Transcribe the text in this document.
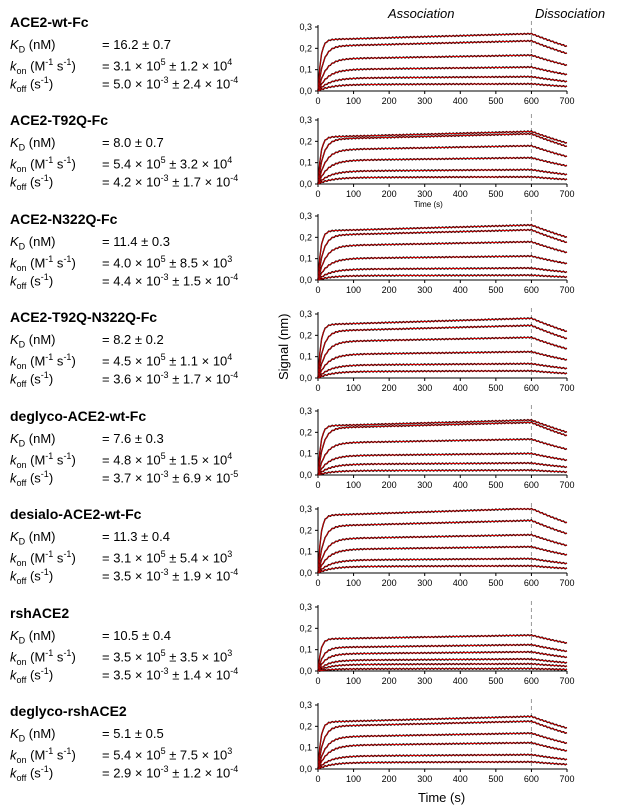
ACE2-wt-Fc
$K_D$ (nM)	= 16.2 ± 0.7
$k_{on}$ ($M^{-1}$ $s^{-1}) = 3.1 \times 10^5 \pm 1.2 \times 10^4$
$k_{off}$ $(s^{-1})$	= $5.0 \times 10^{-3} \pm 2.4 \times 10^{-4}$
ACE2-T92Q-Fc
$K_D$ (nM)	= 8.0 ± 0.7
$k_{on}$ ($M^{-1}$ $s^{-1}) = 5.4 \times 10^5 \pm 3.2 \times 10^4$
$k_{off}$ $(s^{-1})$	= $4.2 \times 10^{-3} \pm 1.7 \times 10^{-4}$
ACE2-N322Q-Fc
$K_D$ (nM)	= 11.4 ± 0.3
$k_{on}$ ($M^{-1}$ $s^{-1}) = 4.0 \times 10^5 \pm 8.5 \times 10^3$
$k_{off}$ $(s^{-1})$	= $4.4 \times 10^{-3} \pm 1.5 \times 10^{-4}$
ACE2-T92Q-N322Q-Fc
$K_D$ (nM)	= 8.2 ± 0.2
$k_{on}$ ($M^{-1}$ $s^{-1}) = 4.5 \times 10^5 \pm 1.1 \times 10^4$
$k_{off}$ $(s^{-1})$	= $3.6 \times 10^{-3} \pm 1.7 \times 10^{-4}$
deglyco-ACE2-wt-Fc
$K_D$ (nM)	= 7.6 ± 0.3
$k_{on}$ ($M^{-1}$ $s^{-1}) = 4.8 \times 10^5 \pm 1.5 \times 10^4$
$k_{off}$ $(s^{-1})$	= $3.7 \times 10^{-3} \pm 6.9 \times 10^{-5}$
desialo-ACE2-wt-Fc
$K_D$ (nM)	= 11.3 ± 0.4
$k_{on}$ ($M^{-1}$ $s^{-1}) = 3.1 \times 10^5 \pm 5.4 \times 10^3$
$k_{off}$ $(s^{-1})$	= $3.5 \times 10^{-3} \pm 1.9 \times 10^{-4}$
rshACE2
$K_D$ (nM)	= 10.5 ± 0.4
$k_{on}$ ($M^{-1}$ $s^{-1}) = 3.5 \times 10^5 \pm 3.5 \times 10^3$
$k_{off}$ $(s^{-1})$	= $3.5 \times 10^{-3} \pm 1.4 \times 10^{-4}$
deglyco-rshACE2
$K_D$ (nM)	= 5.1 ± 0.5
$k_{on}$ ($M^{-1}$ $s^{-1}) = 5.4 \times 10^5 \pm 7.5 \times 10^3$
$k_{off}$ $(s^{-1})$	= $2.9 \times 10^{-3} \pm 1.2 \times 10^{-4}$
Association	Dissociation
Signal (nm)
Time (s)
0,0
0,1
0,2
0,3
0	100 200 300 400 500 600 700
0,0
0,1
0,2
0,3
0	100 200 300 400 500 600 700
Time (s)
0,0
0,1
0,2
0,3
0	100 200 300 400 500 600 700
0,0
0,1
0,2
0,3
0	100 200 300 400 500 600 700
0,0
0,1
0,2
0,3
0	100 200 300 400 500 600 700
0,0
0,1
0,2
0,3
0	100 200 300 400 500 600 700
0,0
0,1
0,2
0,3
0	100 200 300 400 500 600 700
0,0
0,1
0,2
0,3
0	100 200 300 400 500 600 700
